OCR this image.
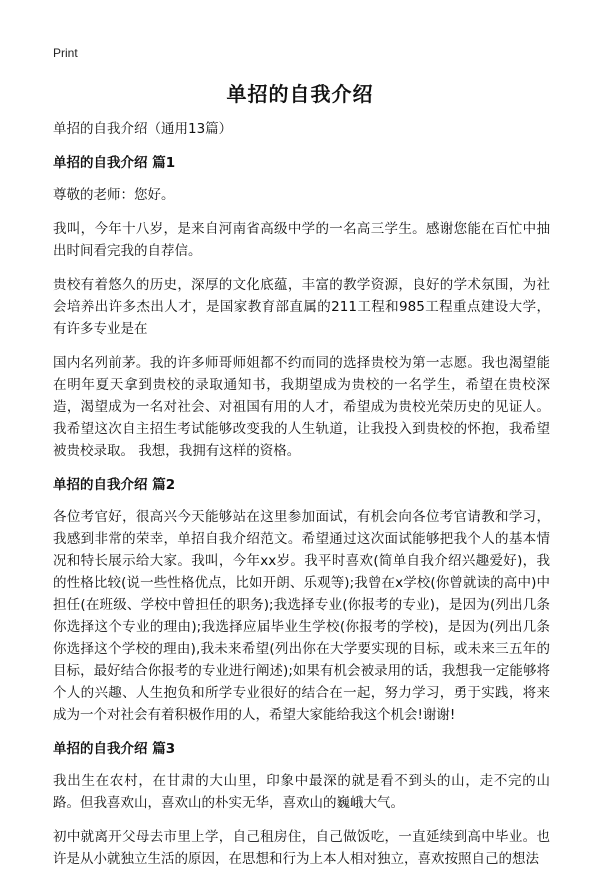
Print
单招的自我介绍

单招的自我介绍（通用13篇）

单招的自我介绍 篇1

尊敬的老师：您好。

我叫，今年十八岁，是来自河南省高级中学的一名高三学生。感谢您能在百忙中抽出时间看完我的自荐信。

贵校有着悠久的历史，深厚的文化底蕴，丰富的教学资源，良好的学术氛围，为社会培养出许多杰出人才，是国家教育部直属的211工程和985工程重点建设大学，有许多专业是在

国内名列前茅。我的许多师哥师姐都不约而同的选择贵校为第一志愿。我也渴望能在明年夏天拿到贵校的录取通知书，我期望成为贵校的一名学生，希望在贵校深造，渴望成为一名对社会、对祖国有用的人才，希望成为贵校光荣历史的见证人。我希望这次自主招生考试能够改变我的人生轨道，让我投入到贵校的怀抱，我希望被贵校录取。 我想，我拥有这样的资格。

单招的自我介绍 篇2

各位考官好，很高兴今天能够站在这里参加面试，有机会向各位考官请教和学习，我感到非常的荣幸，单招自我介绍范文。希望通过这次面试能够把我个人的基本情况和特长展示给大家。我叫，今年xx岁。我平时喜欢(简单自我介绍兴趣爱好)，我的性格比较(说一些性格优点，比如开朗、乐观等);我曾在x学校(你曾就读的高中)中担任(在班级、学校中曾担任的职务);我选择专业(你报考的专业)，是因为(列出几条你选择这个专业的理由);我选择应届毕业生学校(你报考的学校)，是因为(列出几条你选择这个学校的理由),我未来希望(列出你在大学要实现的目标，或未来三五年的目标，最好结合你报考的专业进行阐述);如果有机会被录用的话，我想我一定能够将个人的兴趣、人生抱负和所学专业很好的结合在一起，努力学习，勇于实践，将来成为一个对社会有着积极作用的人，希望大家能给我这个机会!谢谢!

单招的自我介绍 篇3

我出生在农村，在甘肃的大山里，印象中最深的就是看不到头的山，走不完的山路。但我喜欢山，喜欢山的朴实无华，喜欢山的巍峨大气。

初中就离开父母去市里上学，自己租房住，自己做饭吃，一直延续到高中毕业。也许是从小就独立生活的原因，在思想和行为上本人相对独立，喜欢按照自己的想法
